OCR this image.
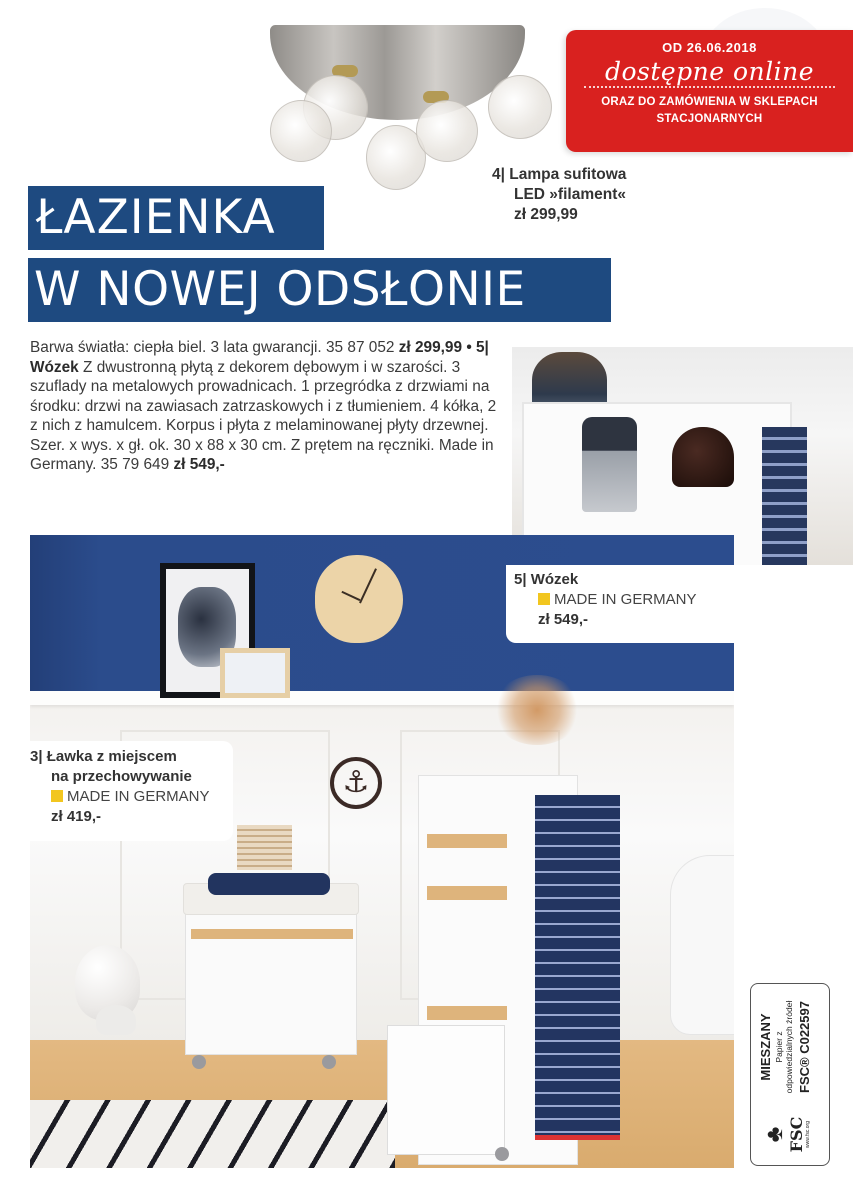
OD 26.06.2018
dostępne online
ORAZ DO ZAMÓWIENIA W SKLEPACH
STACJONARNYCH
4| Lampa sufitowa
LED »filament«
zł 299,99
ŁAZIENKA
W NOWEJ ODSŁONIE
Barwa światła: ciepła biel. 3 lata gwarancji. 35 87 052 zł 299,99 • 5| Wózek Z dwustronną płytą z dekorem dębowym i w szarości. 3 szuflady na metalowych prowadnicach. 1 przegródka z drzwiami na środku: drzwi na zawiasach zatrzaskowych i z tłumieniem. 4 kółka, 2 z nich z hamulcem. Korpus i płyta z melaminowanej płyty drzewnej. Szer. x wys. x gł. ok. 30 x 88 x 30 cm. Z prętem na ręczniki. Made in Germany. 35 79 649 zł 549,-
⚓
5| Wózek
MADE IN GERMANY
zł 549,-
3| Ławka z miejscem
na przechowywanie
MADE IN GERMANY
zł 419,-
♣ FSC www.fsc.org
MIESZANY Papier z odpowiedzialnych źródeł FSC® C022597
